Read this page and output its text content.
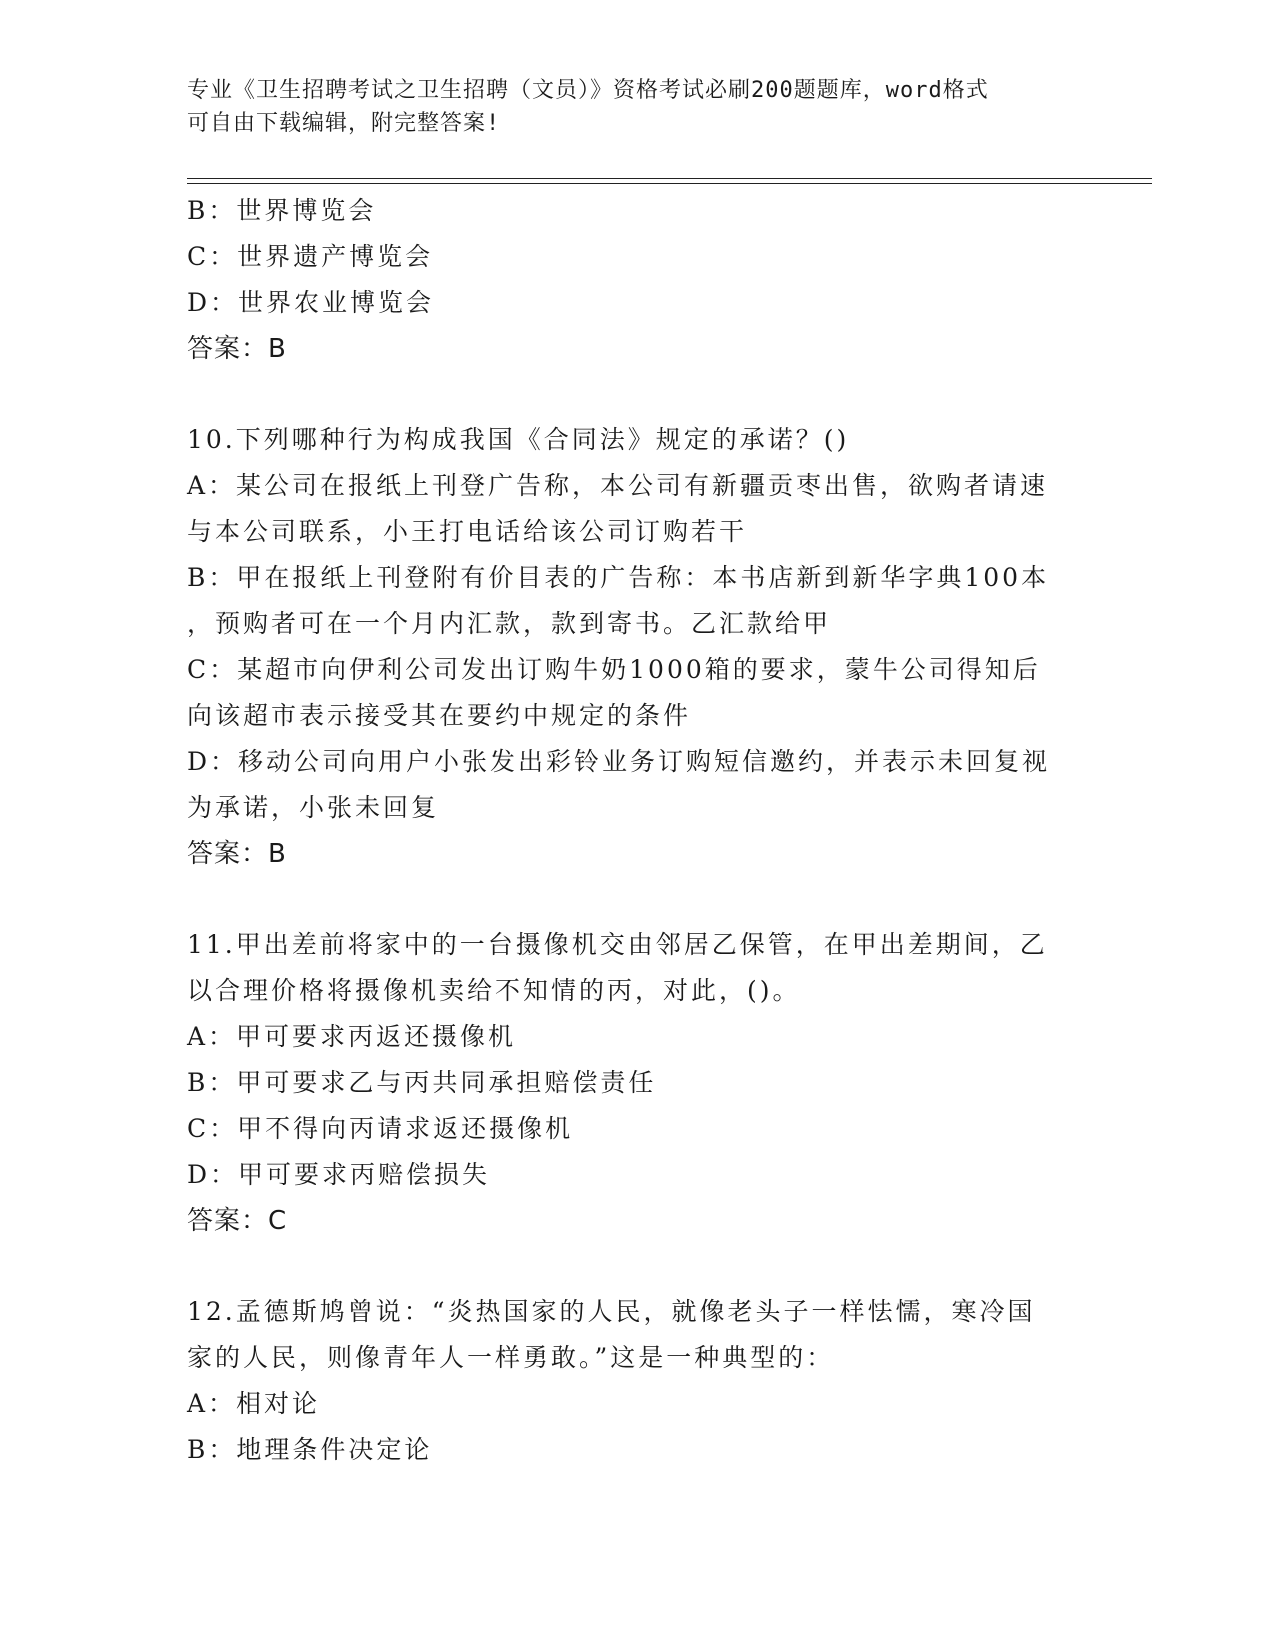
专业《卫生招聘考试之卫生招聘（文员）》资格考试必刷200题题库，word格式
可自由下载编辑，附完整答案!
B：世界博览会
C：世界遗产博览会
D：世界农业博览会
答案：B
10.下列哪种行为构成我国《合同法》规定的承诺？()
A：某公司在报纸上刊登广告称，本公司有新疆贡枣出售，欲购者请速
与本公司联系，小王打电话给该公司订购若干
B：甲在报纸上刊登附有价目表的广告称：本书店新到新华字典100本
，预购者可在一个月内汇款，款到寄书。乙汇款给甲
C：某超市向伊利公司发出订购牛奶1000箱的要求，蒙牛公司得知后
向该超市表示接受其在要约中规定的条件
D：移动公司向用户小张发出彩铃业务订购短信邀约，并表示未回复视
为承诺，小张未回复
答案：B
11.甲出差前将家中的一台摄像机交由邻居乙保管，在甲出差期间，乙
以合理价格将摄像机卖给不知情的丙，对此，()。
A：甲可要求丙返还摄像机
B：甲可要求乙与丙共同承担赔偿责任
C：甲不得向丙请求返还摄像机
D：甲可要求丙赔偿损失
答案：C
12.孟德斯鸠曾说：“炎热国家的人民，就像老头子一样怯懦，寒冷国
家的人民，则像青年人一样勇敢。”这是一种典型的：
A：相对论
B：地理条件决定论
